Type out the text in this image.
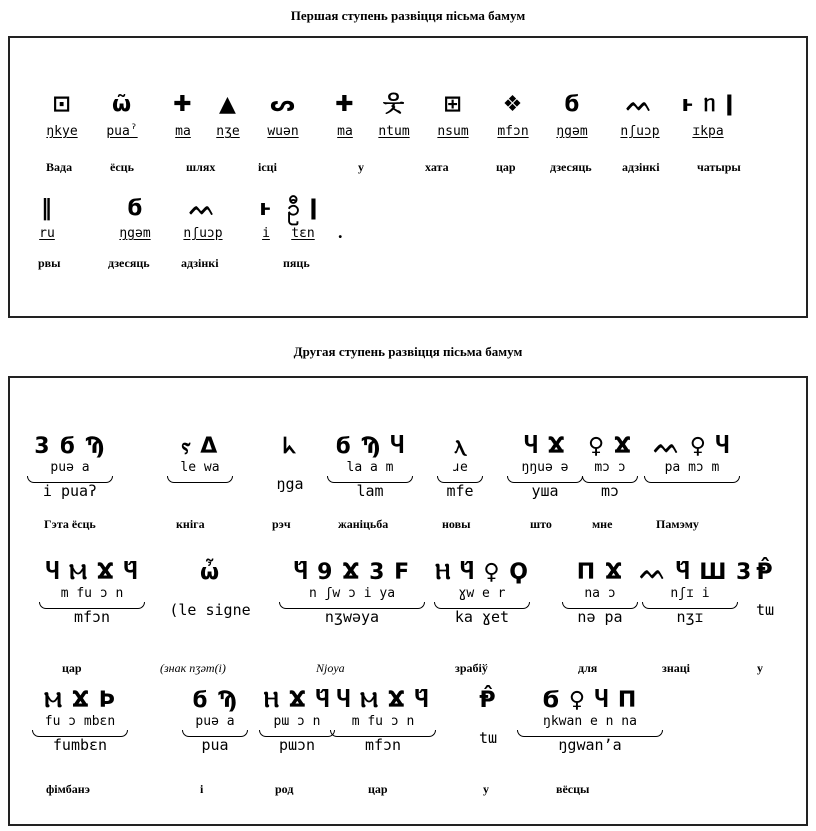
Першая ступень развіцця пісьма бамум
⊡
ŋkye
Вада
ῶ
puaˀ
ёсць
✚
ma
▲
nʒe
шлях
ᔕ
wuən
ісці
✚
ma
у
웃
ntum
⊞
nsum
хата
❖
mfɔn
цар
ϭ
ŋgəm
дзесяць
ᨓ
nʃuɔp
адзінкі
ⱶ ᥒ ǀ
ɪkpa
чатыры
‖
ru
рвы
ϭ
ŋgəm
дзесяць
ᨓ
nʃuɔp
адзінкі
ⱶ
i
ဦ ǀ
tɛn
пяць
.
Другая ступень развіцця пісьма бамум
3 ϭ Ϡ
puə a
i puaʔ
Гэта ёсць
ⲋ Δ
le wa
кніга
ᖾ
ŋga
рэч
ϭ Ϡ Ⴗ
la a m
lam
жаніцьба
ⲗ
ɹe
mfe
новы
Ⴗ Ϫ
ŋŋuə ə
уша
што
♀ Ϫ
mɔ ɔ
mɔ
мне
ᨓ ♀ Ⴗ
pa mɔ m
Памэму
Ⴗ Ⲙ Ϫ Ⴗ̂
m fu ɔ n
mfɔn
цар
ὦ
(le signe
(знак nʒəm(i)
Ⴗ̂ 9 Ϫ 3 Ϝ
n ʃw ɔ i ya
nʒwəya
Njoya
Ⲏ Ⴗ̂ ♀ Ϙ
ɣw e r
ka ɣet
зрабіў
Π Ϫ
na ɔ
nə pa
для
ᨓ Ⴗ̂ Ш 3
nʃɪ i
nʒɪ
знаці
Ᵽ̂
tɯ
у
Ⲙ Ϫ Ϸ
fu ɔ mbɛn
fumbɛn
фімбанэ
ϭ Ϡ
puə a
pua
і
Ⲏ Ϫ Ⴗ̂
pɯ ɔ n
pɯɔn
род
Ⴗ Ⲙ Ϫ Ⴗ̂
m fu ɔ n
mfɔn
цар
Ᵽ̂
tɯ
у
Ϭ ♀ Ⴗ Π
ŋkwan e n na
ŋgwanʼa
вёсцы
